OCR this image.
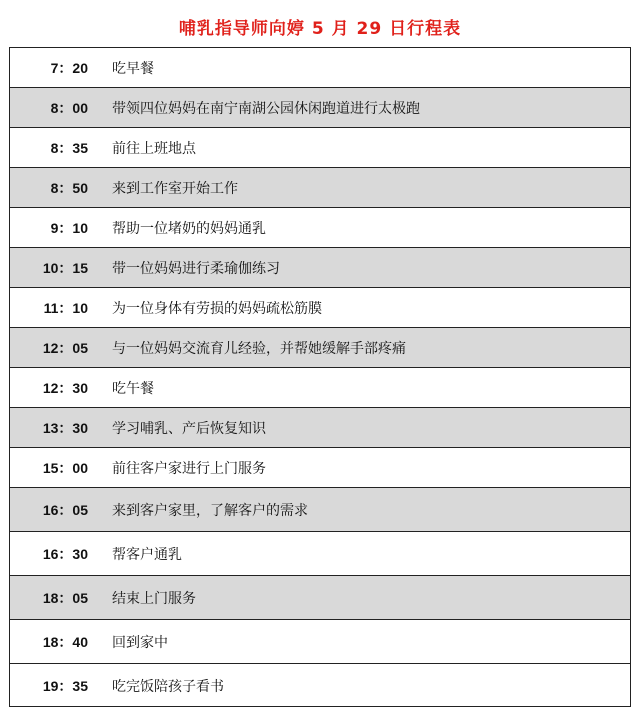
哺乳指导师向婷 5 月 29 日行程表
7：20	吃早餐
8：00	带领四位妈妈在南宁南湖公园休闲跑道进行太极跑
8：35	前往上班地点
8：50	来到工作室开始工作
9：10	帮助一位堵奶的妈妈通乳
10：15	带一位妈妈进行柔瑜伽练习
11：10	为一位身体有劳损的妈妈疏松筋膜
12：05	与一位妈妈交流育儿经验，并帮她缓解手部疼痛
12：30	吃午餐
13：30	学习哺乳、产后恢复知识
15：00	前往客户家进行上门服务
16：05	来到客户家里，了解客户的需求
16：30	帮客户通乳
18：05	结束上门服务
18：40	回到家中
19：35	吃完饭陪孩子看书
